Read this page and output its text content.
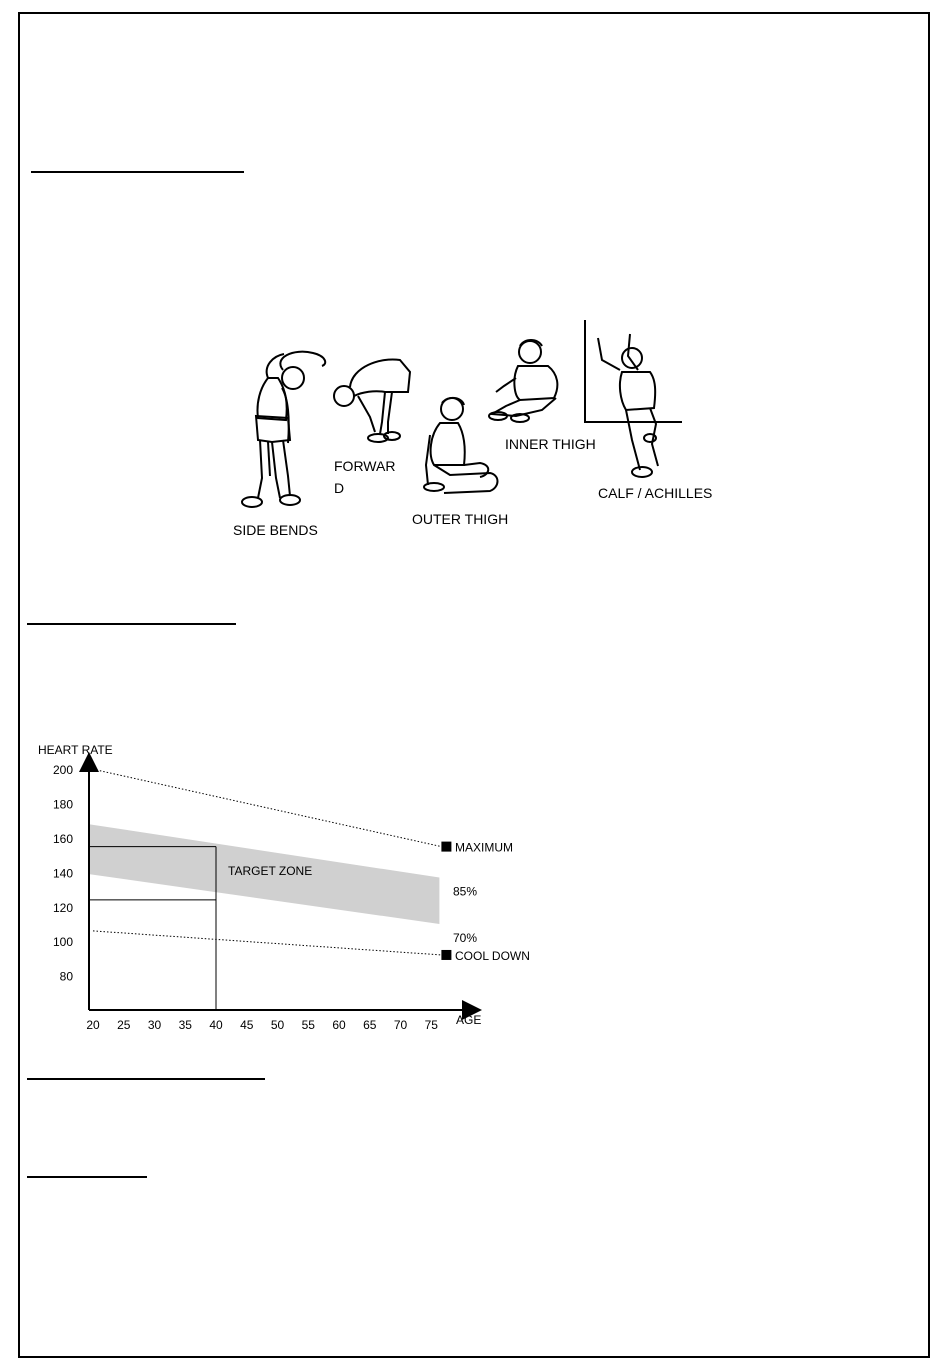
SIDE BENDS
FORWARD
OUTER THIGH
INNER THIGH
CALF / ACHILLES
80
100
120
140
160
180
200
20 25 30 35 40 45 50 55 60 65 70 75
HEART RATE
AGE
TARGET ZONE
85%
70%
MAXIMUM
COOL DOWN
